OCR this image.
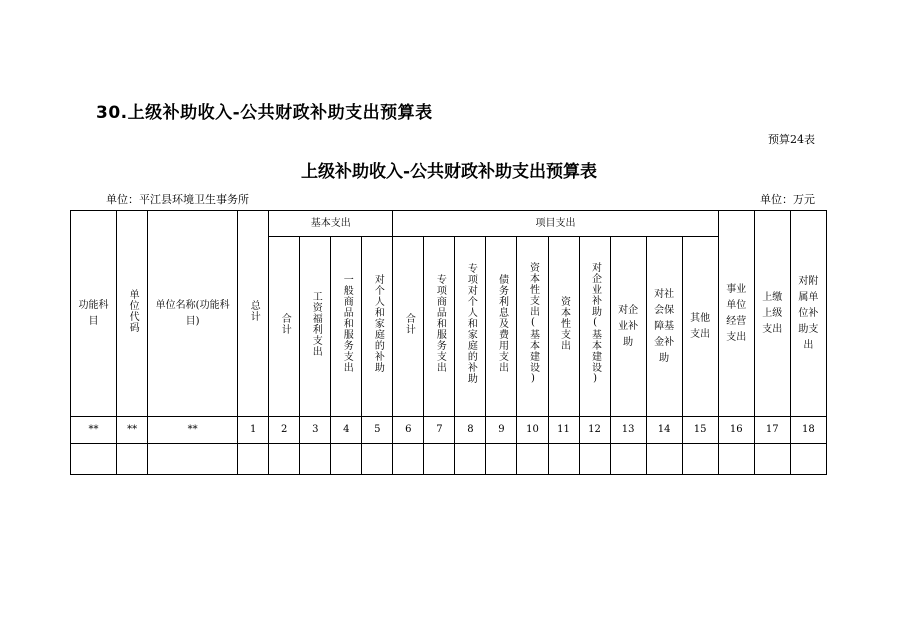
30.上级补助收入-公共财政补助支出预算表
预算24表
上级补助收入-公共财政补助支出预算表
单位：平江县环境卫生事务所	单位：万元
功能科目	单位代码	单位名称(功能科目)	总计	基本支出				项目支出										事业单位经营支出	上缴上级支出	对附属单位补助支出
				合计	工资福利支出	一般商品和服务支出	对个人和家庭的补助	合计	专项商品和服务支出	专项对个人和家庭的补助	债务利息及费用支出	资本性支出(基本建设)	资本性支出	对企业补助(基本建设)	对企业补助	对社会保障基金补助	其他支出			
**	**	**	1	2	3	4	5	6	7	8	9	10	11	12	13	14	15	16	17	18
